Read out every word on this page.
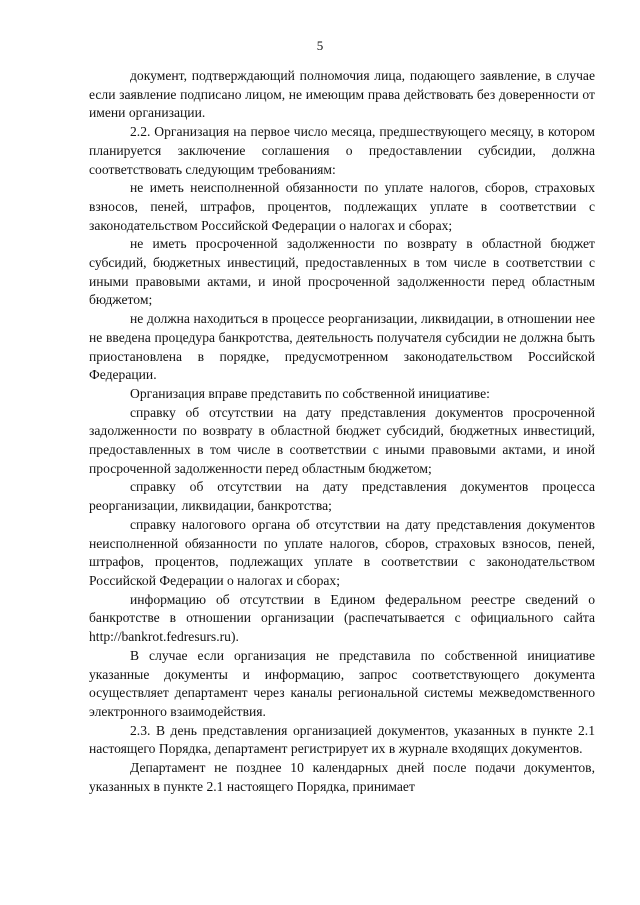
5

документ, подтверждающий полномочия лица, подающего заявление, в случае если заявление подписано лицом, не имеющим права действовать без доверенности от имени организации.

2.2. Организация на первое число месяца, предшествующего месяцу, в котором планируется заключение соглашения о предоставлении субсидии, должна соответствовать следующим требованиям:

не иметь неисполненной обязанности по уплате налогов, сборов, страховых взносов, пеней, штрафов, процентов, подлежащих уплате в соответствии с законодательством Российской Федерации о налогах и сборах;

не иметь просроченной задолженности по возврату в областной бюджет субсидий, бюджетных инвестиций, предоставленных в том числе в соответствии с иными правовыми актами, и иной просроченной задолженности перед областным бюджетом;

не должна находиться в процессе реорганизации, ликвидации, в отношении нее не введена процедура банкротства, деятельность получателя субсидии не должна быть приостановлена в порядке, предусмотренном законодательством Российской Федерации.

Организация вправе представить по собственной инициативе:

справку об отсутствии на дату представления документов просроченной задолженности по возврату в областной бюджет субсидий, бюджетных инвестиций, предоставленных в том числе в соответствии с иными правовыми актами, и иной просроченной задолженности перед областным бюджетом;

справку об отсутствии на дату представления документов процесса реорганизации, ликвидации, банкротства;

справку налогового органа об отсутствии на дату представления документов неисполненной обязанности по уплате налогов, сборов, страховых взносов, пеней, штрафов, процентов, подлежащих уплате в соответствии с законодательством Российской Федерации о налогах и сборах;

информацию об отсутствии в Едином федеральном реестре сведений о банкротстве в отношении организации (распечатывается с официального сайта http://bankrot.fedresurs.ru).

В случае если организация не представила по собственной инициативе указанные документы и информацию, запрос соответствующего документа осуществляет департамент через каналы региональной системы межведомственного электронного взаимодействия.

2.3. В день представления организацией документов, указанных в пункте 2.1 настоящего Порядка, департамент регистрирует их в журнале входящих документов.

Департамент не позднее 10 календарных дней после подачи документов, указанных в пункте 2.1 настоящего Порядка, принимает
